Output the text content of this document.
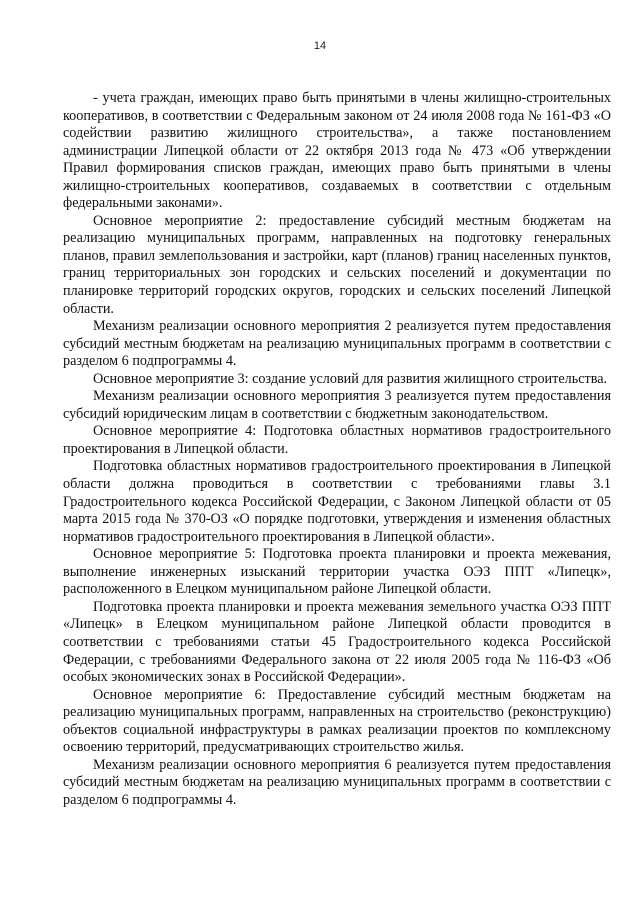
14

- учета граждан, имеющих право быть принятыми в члены жилищно-строительных кооперативов, в соответствии с Федеральным законом от 24 июля 2008 года № 161-ФЗ «О содействии развитию жилищного строительства», а также постановлением администрации Липецкой области от 22 октября 2013 года № 473 «Об утверждении Правил формирования списков граждан, имеющих право быть принятыми в члены жилищно-строительных кооперативов, создаваемых в соответствии с отдельным федеральными законами».

Основное мероприятие 2: предоставление субсидий местным бюджетам на реализацию муниципальных программ, направленных на подготовку генеральных планов, правил землепользования и застройки, карт (планов) границ населенных пунктов, границ территориальных зон городских и сельских поселений и документации по планировке территорий городских округов, городских и сельских поселений Липецкой области.

Механизм реализации основного мероприятия 2 реализуется путем предоставления субсидий местным бюджетам на реализацию муниципальных программ в соответствии с разделом 6 подпрограммы 4.

Основное мероприятие 3: создание условий для развития жилищного строительства.

Механизм реализации основного мероприятия 3 реализуется путем предоставления субсидий юридическим лицам в соответствии с бюджетным законодательством.

Основное мероприятие 4: Подготовка областных нормативов градостроительного проектирования в Липецкой области.

Подготовка областных нормативов градостроительного проектирования в Липецкой области должна проводиться в соответствии с требованиями главы 3.1 Градостроительного кодекса Российской Федерации, с Законом Липецкой области от 05 марта 2015 года № 370-ОЗ «О порядке подготовки, утверждения и изменения областных нормативов градостроительного проектирования в Липецкой области».

Основное мероприятие 5: Подготовка проекта планировки и проекта межевания, выполнение инженерных изысканий территории участка ОЭЗ ППТ «Липецк», расположенного в Елецком муниципальном районе Липецкой области.

Подготовка проекта планировки и проекта межевания земельного участка ОЭЗ ППТ «Липецк» в Елецком муниципальном районе Липецкой области проводится в соответствии с требованиями статьи 45 Градостроительного кодекса Российской Федерации, с требованиями Федерального закона от 22 июля 2005 года № 116-ФЗ «Об особых экономических зонах в Российской Федерации».

Основное мероприятие 6: Предоставление субсидий местным бюджетам на реализацию муниципальных программ, направленных на строительство (реконструкцию) объектов социальной инфраструктуры в рамках реализации проектов по комплексному освоению территорий, предусматривающих строительство жилья.

Механизм реализации основного мероприятия 6 реализуется путем предоставления субсидий местным бюджетам на реализацию муниципальных программ в соответствии с разделом 6 подпрограммы 4.
